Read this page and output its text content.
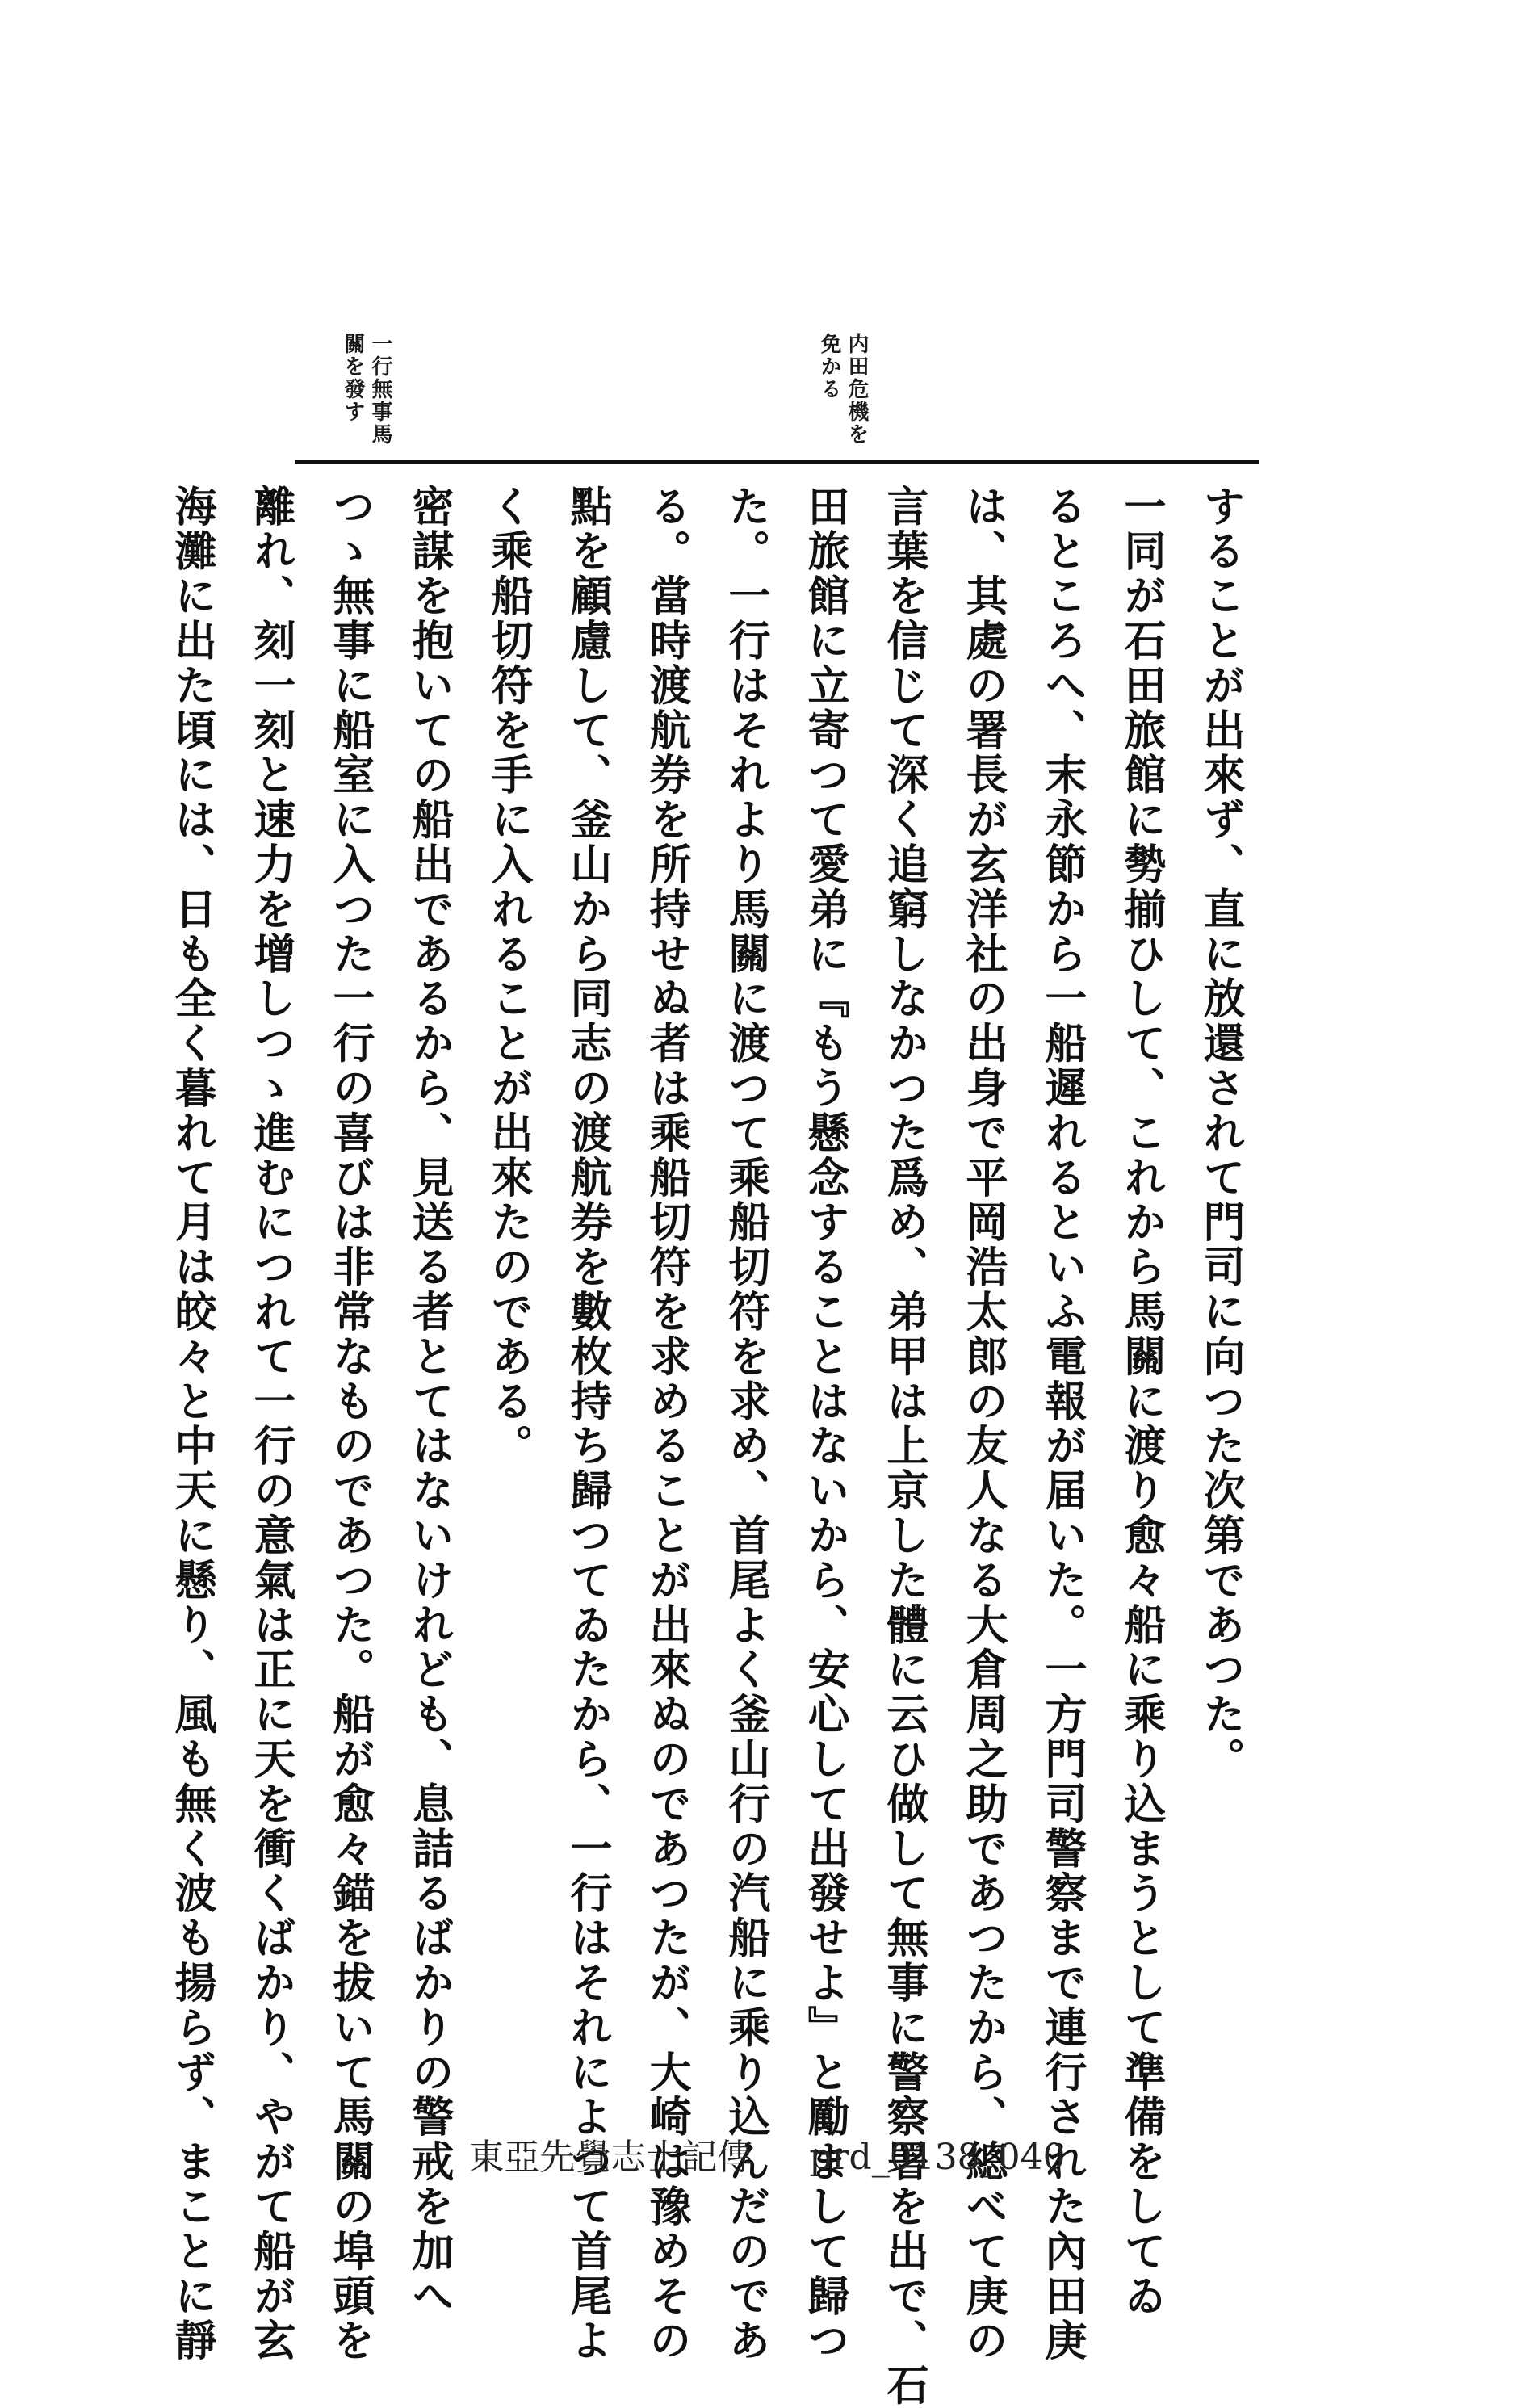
内田危機を免かる
一行無事馬關を發す
することが出來ず、直に放還されて門司に向つた次第であつた。
一同が石田旅館に勢揃ひして、これから馬關に渡り愈々船に乘り込まうとして準備をしてゐ
るところへ、末永節から一船遲れるといふ電報が届いた。一方門司警察まで連行された內田庚
は、其處の署長が玄洋社の出身で平岡浩太郎の友人なる大倉周之助であつたから、總べて庚の
言葉を信じて深く追窮しなかつた爲め、弟甲は上京した體に云ひ做して無事に警察署を出で、石
田旅館に立寄つて愛弟に『もう懸念することはないから、安心して出發せよ』と勵まして歸つ
た。一行はそれより馬關に渡つて乘船切符を求め、首尾よく釜山行の汽船に乘り込んだのであ
る。當時渡航券を所持せぬ者は乘船切符を求めることが出來ぬのであつたが、大崎は豫めその
點を顧慮して、釜山から同志の渡航券を數枚持ち歸つてゐたから、一行はそれによつて首尾よ
く乘船切符を手に入れることが出來たのである。
密謀を抱いての船出であるから、見送る者とてはないけれども、息詰るばかりの警戒を加へ
つゝ無事に船室に入つた一行の喜びは非常なものであつた。船が愈々錨を拔いて馬關の埠頭を
離れ、刻一刻と速力を增しつゝ進むにつれて一行の意氣は正に天を衝くばかり、やがて船が玄
海灘に出た頃には、日も全く暮れて月は皎々と中天に懸り、風も無く波も揚らず、まことに靜	東亞先覺志士記傳 prd_0138_040
